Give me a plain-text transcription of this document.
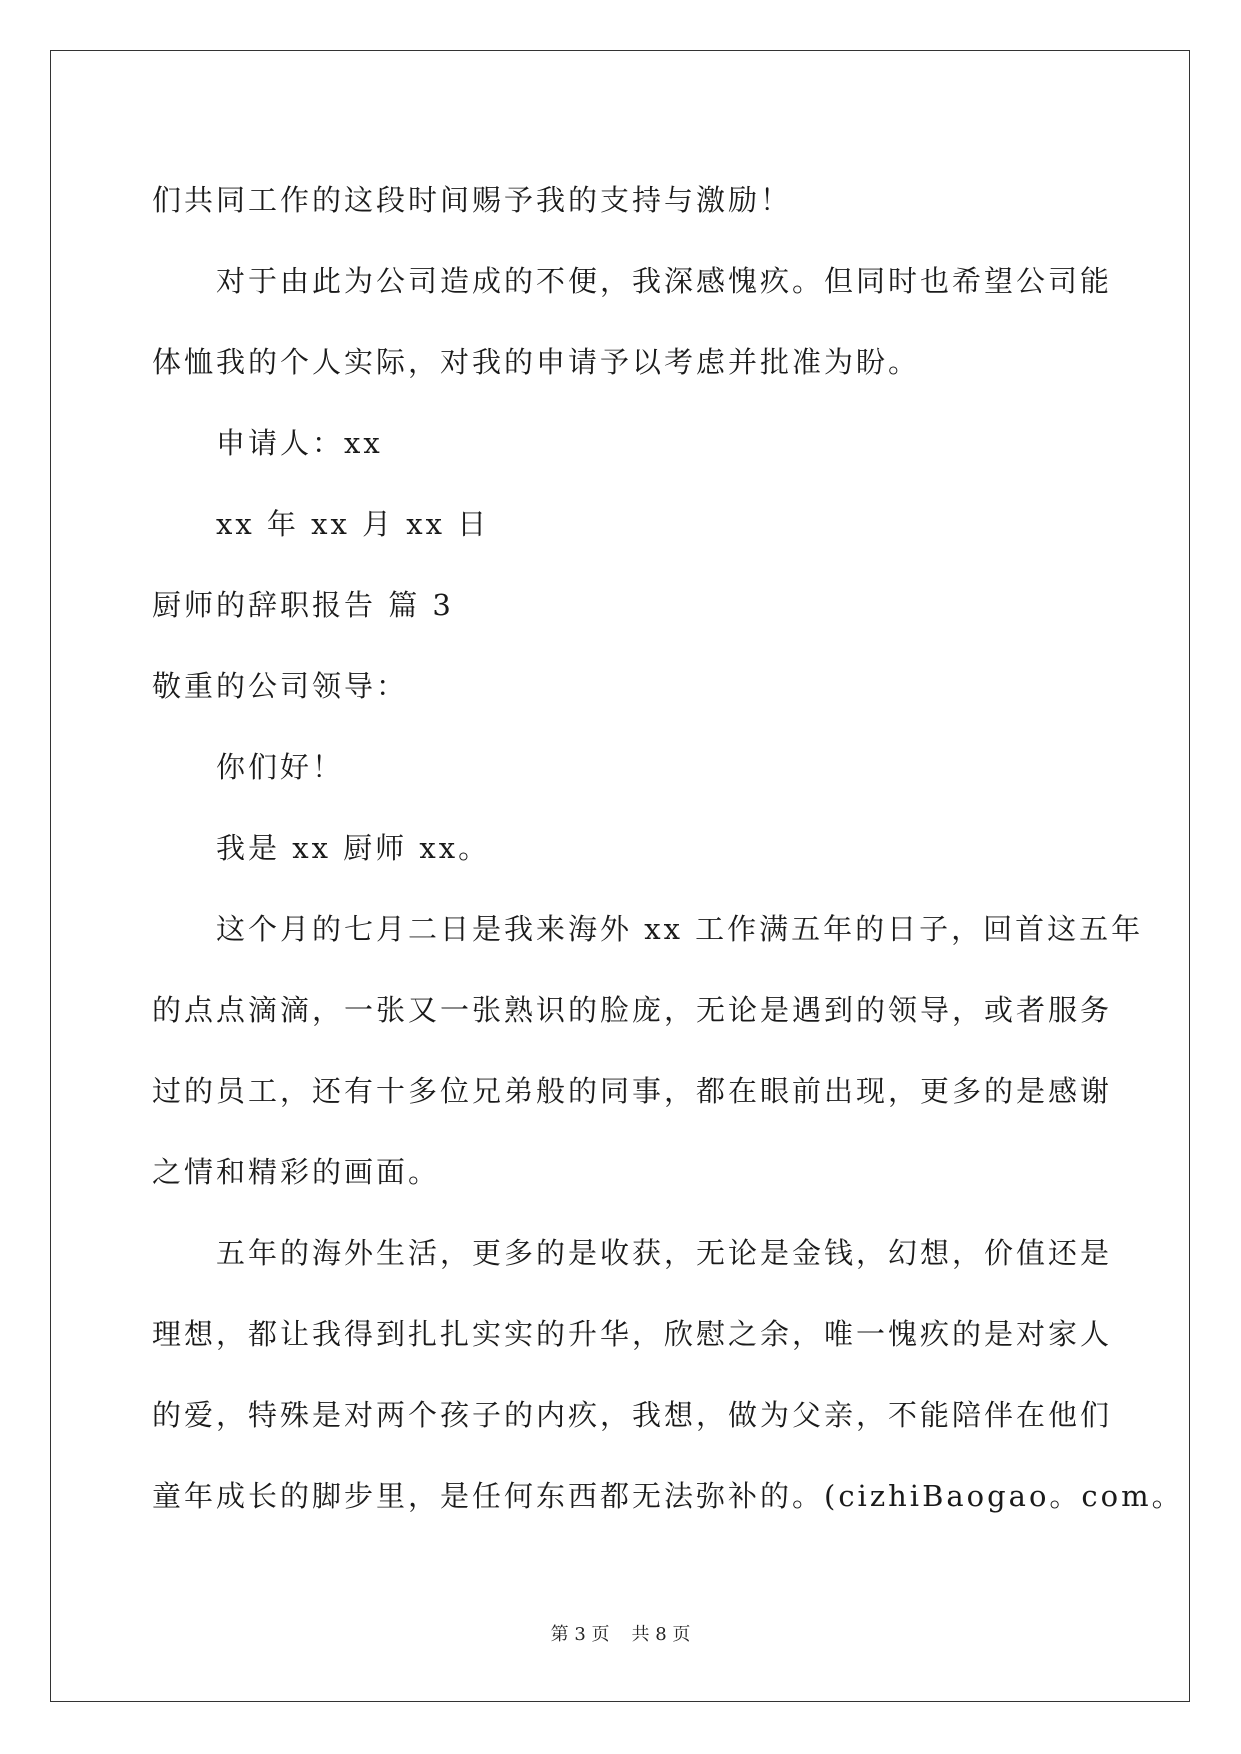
们共同工作的这段时间赐予我的支持与激励！
对于由此为公司造成的不便，我深感愧疚。但同时也希望公司能
体恤我的个人实际，对我的申请予以考虑并批准为盼。
申请人：xx
xx 年 xx 月 xx 日
厨师的辞职报告 篇 3
敬重的公司领导：
你们好！
我是 xx 厨师 xx。
这个月的七月二日是我来海外 xx 工作满五年的日子，回首这五年
的点点滴滴，一张又一张熟识的脸庞，无论是遇到的领导，或者服务
过的员工，还有十多位兄弟般的同事，都在眼前出现，更多的是感谢
之情和精彩的画面。
五年的海外生活，更多的是收获，无论是金钱，幻想，价值还是
理想，都让我得到扎扎实实的升华，欣慰之余，唯一愧疚的是对家人
的爱，特殊是对两个孩子的内疚，我想，做为父亲，不能陪伴在他们
童年成长的脚步里，是任何东西都无法弥补的。(cizhiBaogao。com。
第 3 页 共 8 页
